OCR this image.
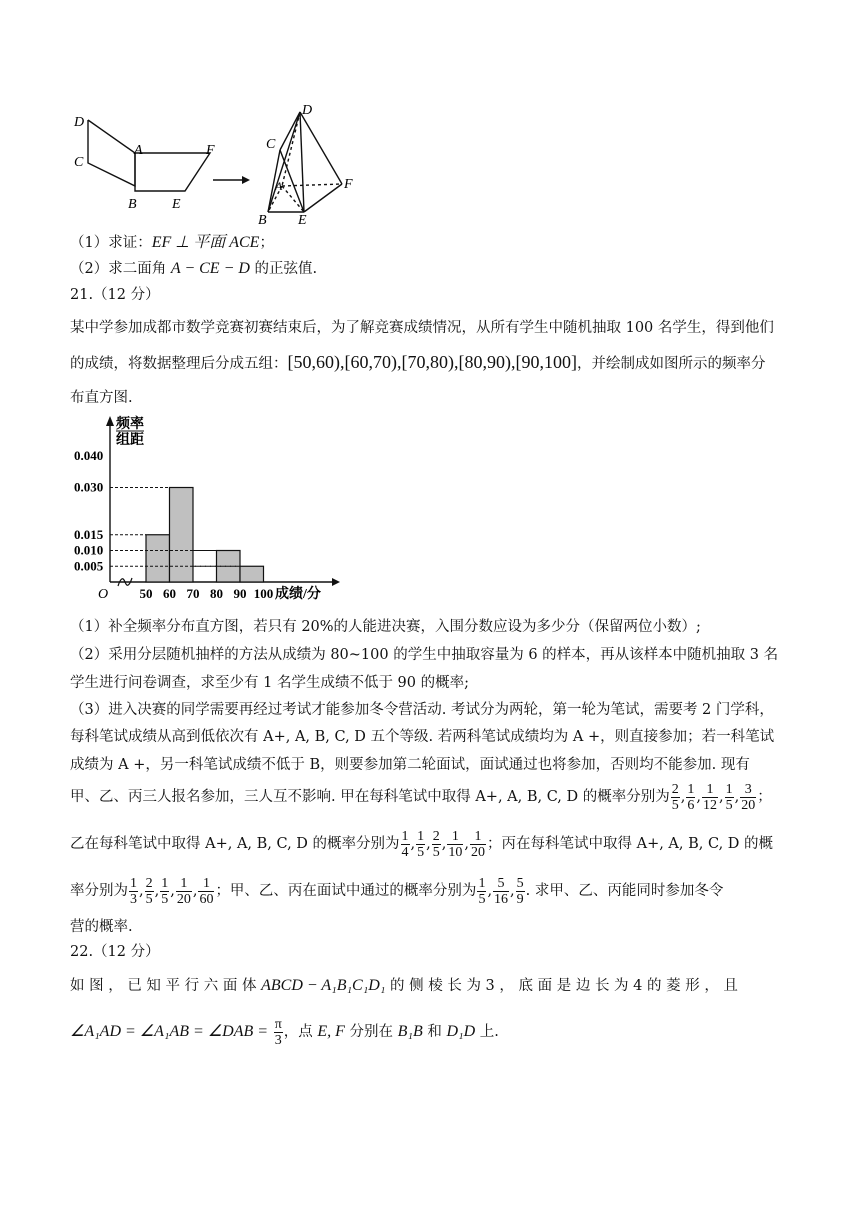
D
C
A	F
B	E
D
C
A	F
B E
（1）求证：EF ⊥ 平面 ACE；
（2）求二面角 A − CE − D 的正弦值.
21.（12 分）
某中学参加成都市数学竞赛初赛结束后，为了解竞赛成绩情况，从所有学生中随机抽取 100 名学生，得到他们
的成绩，将数据整理后分成五组：[50,60),[60,70),[70,80),[80,90),[90,100]，并绘制成如图所示的频率分
布直方图.
频率
组距
0.005
0.010
0.015
0.030
0.040
50 60 70 80 90 100
O	成绩/分
（1）补全频率分布直方图，若只有 20%的人能进决赛，入围分数应设为多少分（保留两位小数）;
（2）采用分层随机抽样的方法从成绩为 80~100 的学生中抽取容量为 6 的样本，再从该样本中随机抽取 3 名
学生进行问卷调查，求至少有 1 名学生成绩不低于 90 的概率;
（3）进入决赛的同学需要再经过考试才能参加冬令营活动. 考试分为两轮，第一轮为笔试，需要考 2 门学科，
每科笔试成绩从高到低依次有 A+, A, B, C, D 五个等级. 若两科笔试成绩均为 A +，则直接参加；若一科笔试
成绩为 A +，另一科笔试成绩不低于 B，则要参加第二轮面试，面试通过也将参加，否则均不能参加. 现有
甲、乙、丙三人报名参加，三人互不影响. 甲在每科笔试中取得 A+, A, B, C, D 的概率分别为 $\frac{2}{5}$ , $\frac{1}{6}$ , $\frac{1}{12}$ , $\frac{1}{5}$ , $\frac{3}{20}$ ；
乙在每科笔试中取得 A+, A, B, C, D 的概率分别为 $\frac{1}{4}$ , $\frac{1}{5}$ , $\frac{2}{5}$ , $\frac{1}{10}$ , $\frac{1}{20}$ ；丙在每科笔试中取得 A+, A, B, C, D 的概
率分别为 $\frac{1}{3}$ , $\frac{2}{5}$ , $\frac{1}{5}$ , $\frac{1}{20}$ , $\frac{1}{60}$ ；甲、乙、丙在面试中通过的概率分别为 $\frac{1}{5}$ , $\frac{5}{16}$ , $\frac{5}{9}$ . 求甲、乙、丙能同时参加冬令
营的概率.
22.（12 分）
如 图 ， 已 知 平 行 六 面 体 ABCD − A₁B₁C₁D₁ 的 侧 棱 长 为 3 ， 底 面 是 边 长 为 4 的 菱 形 ， 且
∠A₁AD = ∠A₁AB = ∠DAB = $\frac{\pi}{3}$ ，点 E, F 分别在 B₁B 和 D₁D 上.
